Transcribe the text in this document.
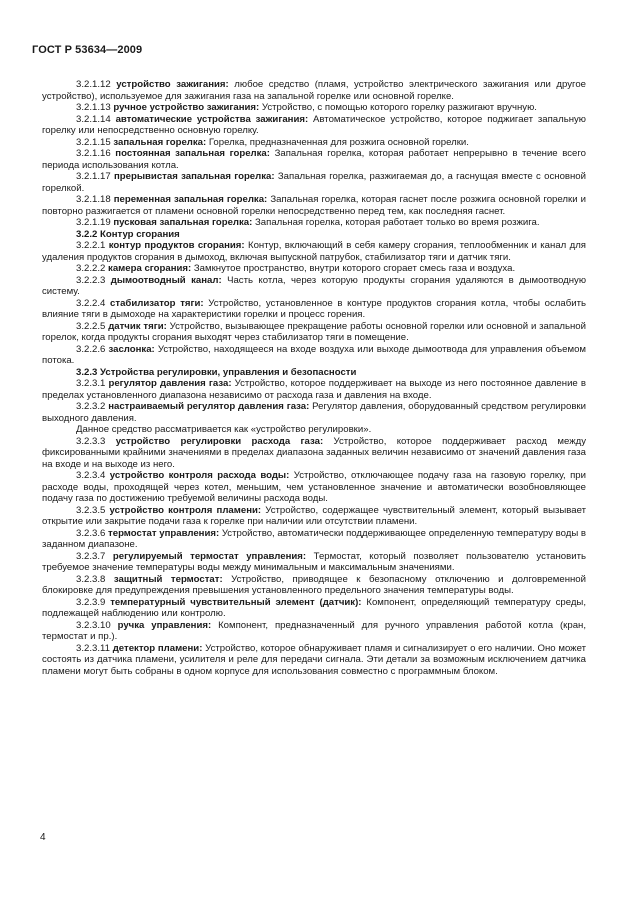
ГОСТ Р 53634—2009

3.2.1.12 устройство зажигания: любое средство (пламя, устройство электрического зажигания или другое устройство), используемое для зажигания газа на запальной горелке или основной горелке.

3.2.1.13 ручное устройство зажигания: Устройство, с помощью которого горелку разжигают вручную.

3.2.1.14 автоматические устройства зажигания: Автоматическое устройство, которое поджигает запальную горелку или непосредственно основную горелку.

3.2.1.15 запальная горелка: Горелка, предназначенная для розжига основной горелки.

3.2.1.16 постоянная запальная горелка: Запальная горелка, которая работает непрерывно в течение всего периода использования котла.

3.2.1.17 прерывистая запальная горелка: Запальная горелка, разжигаемая до, а гаснущая вместе с основной горелкой.

3.2.1.18 переменная запальная горелка: Запальная горелка, которая гаснет после розжига основной горелки и повторно разжигается от пламени основной горелки непосредственно перед тем, как последняя гаснет.

3.2.1.19 пусковая запальная горелка: Запальная горелка, которая работает только во время розжига.

3.2.2 Контур сгорания

3.2.2.1 контур продуктов сгорания: Контур, включающий в себя камеру сгорания, теплообменник и канал для удаления продуктов сгорания в дымоход, включая выпускной патрубок, стабилизатор тяги и датчик тяги.

3.2.2.2 камера сгорания: Замкнутое пространство, внутри которого сгорает смесь газа и воздуха.

3.2.2.3 дымоотводный канал: Часть котла, через которую продукты сгорания удаляются в дымоотводную систему.

3.2.2.4 стабилизатор тяги: Устройство, установленное в контуре продуктов сгорания котла, чтобы ослабить влияние тяги в дымоходе на характеристики горелки и процесс горения.

3.2.2.5 датчик тяги: Устройство, вызывающее прекращение работы основной горелки или основной и запальной горелок, когда продукты сгорания выходят через стабилизатор тяги в помещение.

3.2.2.6 заслонка: Устройство, находящееся на входе воздуха или выходе дымоотвода для управления объемом потока.

3.2.3 Устройства регулировки, управления и безопасности

3.2.3.1 регулятор давления газа: Устройство, которое поддерживает на выходе из него постоянное давление в пределах установленного диапазона независимо от расхода газа и давления на входе.

3.2.3.2 настраиваемый регулятор давления газа: Регулятор давления, оборудованный средством регулировки выходного давления.

Данное средство рассматривается как «устройство регулировки».

3.2.3.3 устройство регулировки расхода газа: Устройство, которое поддерживает расход между фиксированными крайними значениями в пределах диапазона заданных величин независимо от значений давления газа на входе и на выходе из него.

3.2.3.4 устройство контроля расхода воды: Устройство, отключающее подачу газа на газовую горелку, при расходе воды, проходящей через котел, меньшим, чем установленное значение и автоматически возобновляющее подачу газа по достижению требуемой величины расхода воды.

3.2.3.5 устройство контроля пламени: Устройство, содержащее чувствительный элемент, который вызывает открытие или закрытие подачи газа к горелке при наличии или отсутствии пламени.

3.2.3.6 термостат управления: Устройство, автоматически поддерживающее определенную температуру воды в заданном диапазоне.

3.2.3.7 регулируемый термостат управления: Термостат, который позволяет пользователю установить требуемое значение температуры воды между минимальным и максимальным значениями.

3.2.3.8 защитный термостат: Устройство, приводящее к безопасному отключению и долговременной блокировке для предупреждения превышения установленного предельного значения температуры воды.

3.2.3.9 температурный чувствительный элемент (датчик): Компонент, определяющий температуру среды, подлежащей наблюдению или контролю.

3.2.3.10 ручка управления: Компонент, предназначенный для ручного управления работой котла (кран, термостат и пр.).

3.2.3.11 детектор пламени: Устройство, которое обнаруживает пламя и сигнализирует о его наличии. Оно может состоять из датчика пламени, усилителя и реле для передачи сигнала. Эти детали за возможным исключением датчика пламени могут быть собраны в одном корпусе для использования совместно с программным блоком.

4
